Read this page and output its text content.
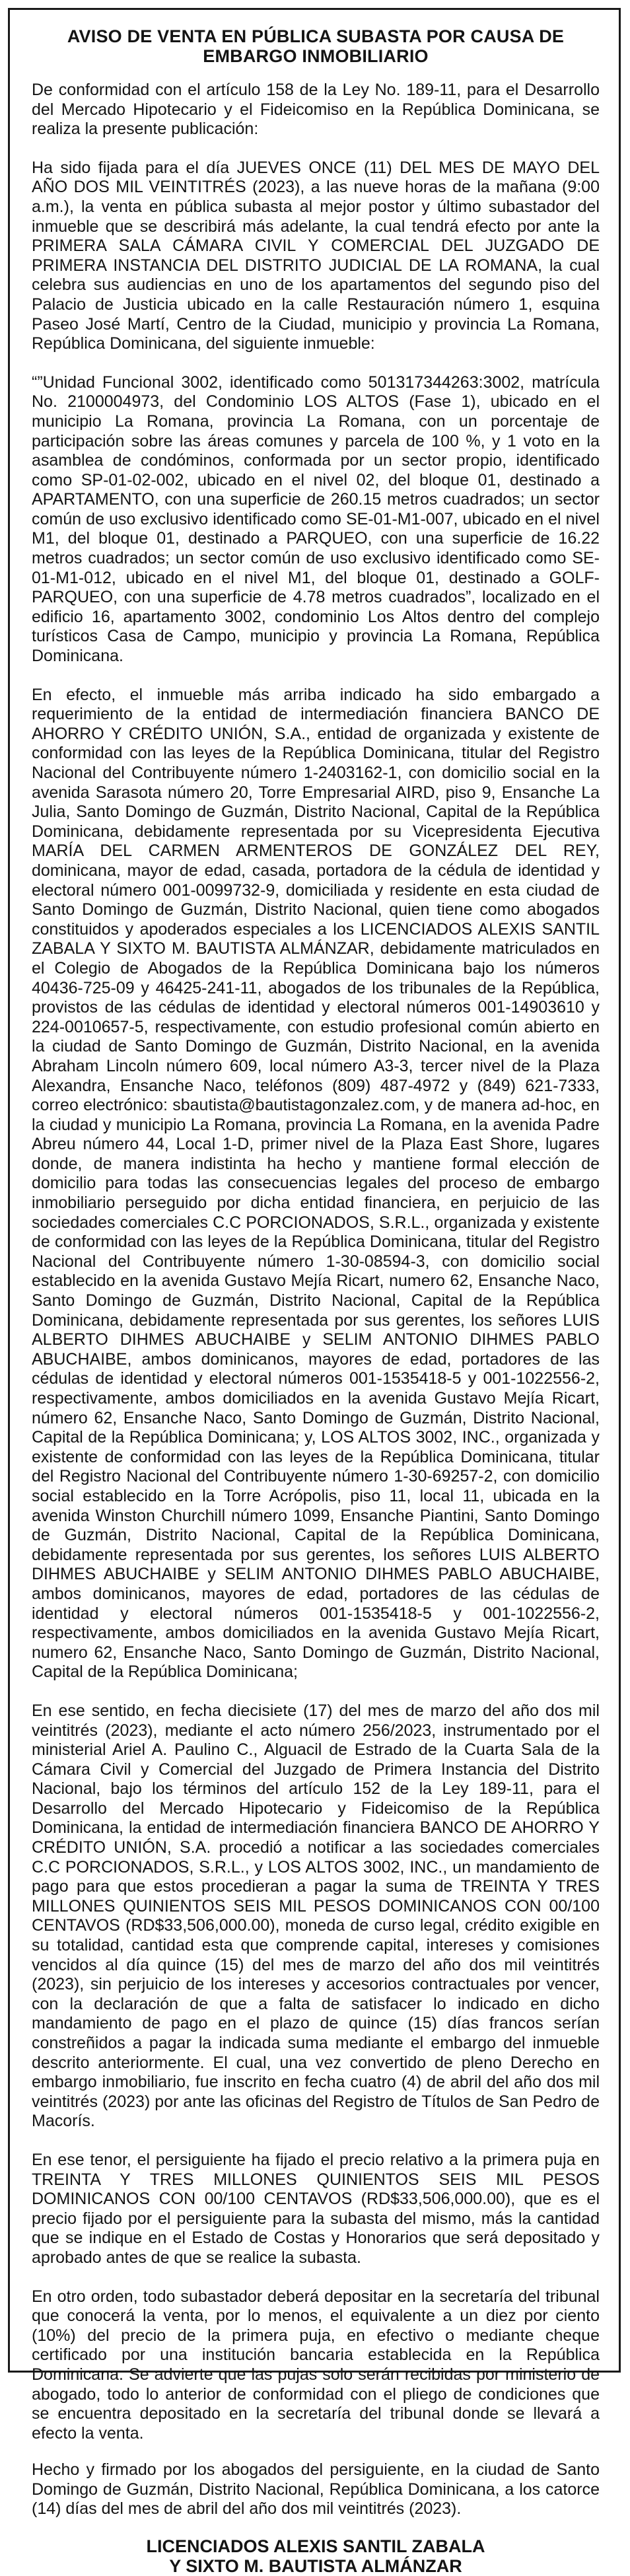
AVISO DE VENTA EN PÚBLICA SUBASTA POR CAUSA DE EMBARGO INMOBILIARIO
De conformidad con el artículo 158 de la Ley No. 189-11, para el Desarrollo del Mercado Hipotecario y el Fideicomiso en la República Dominicana, se realiza la presente publicación:
Ha sido fijada para el día JUEVES ONCE (11) DEL MES DE MAYO DEL AÑO DOS MIL VEINTITRÉS (2023), a las nueve horas de la mañana (9:00 a.m.), la venta en pública subasta al mejor postor y último subastador del inmueble que se describirá más adelante, la cual tendrá efecto por ante la PRIMERA SALA CÁMARA CIVIL Y COMERCIAL DEL JUZGADO DE PRIMERA INSTANCIA DEL DISTRITO JUDICIAL DE LA ROMANA, la cual celebra sus audiencias en uno de los apartamentos del segundo piso del Palacio de Justicia ubicado en la calle Restauración número 1, esquina Paseo José Martí, Centro de la Ciudad, municipio y provincia La Romana, República Dominicana, del siguiente inmueble:
“”Unidad Funcional 3002, identificado como 501317344263:3002, matrícula No. 2100004973, del Condominio LOS ALTOS (Fase 1), ubicado en el municipio La Romana, provincia La Romana, con un porcentaje de participación sobre las áreas comunes y parcela de 100 %, y 1 voto en la asamblea de condóminos, conformada por un sector propio, identificado como SP-01-02-002, ubicado en el nivel 02, del bloque 01, destinado a APARTAMENTO, con una superficie de 260.15 metros cuadrados; un sector común de uso exclusivo identificado como SE-01-M1-007, ubicado en el nivel M1, del bloque 01, destinado a PARQUEO, con una superficie de 16.22 metros cuadrados; un sector común de uso exclusivo identificado como SE-01-M1-012, ubicado en el nivel M1, del bloque 01, destinado a GOLF-PARQUEO, con una superficie de 4.78 metros cuadrados”, localizado en el edificio 16, apartamento 3002, condominio Los Altos dentro del complejo turísticos Casa de Campo, municipio y provincia La Romana, República Dominicana.
En efecto, el inmueble más arriba indicado ha sido embargado a requerimiento de la entidad de intermediación financiera BANCO DE AHORRO Y CRÉDITO UNIÓN, S.A., entidad de organizada y existente de conformidad con las leyes de la República Dominicana, titular del Registro Nacional del Contribuyente número 1-2403162-1, con domicilio social en la avenida Sarasota número 20, Torre Empresarial AIRD, piso 9, Ensanche La Julia, Santo Domingo de Guzmán, Distrito Nacional, Capital de la República Dominicana, debidamente representada por su Vicepresidenta Ejecutiva MARÍA DEL CARMEN ARMENTEROS DE GONZÁLEZ DEL REY, dominicana, mayor de edad, casada, portadora de la cédula de identidad y electoral número 001-0099732-9, domiciliada y residente en esta ciudad de Santo Domingo de Guzmán, Distrito Nacional, quien tiene como abogados constituidos y apoderados especiales a los LICENCIADOS ALEXIS SANTIL ZABALA Y SIXTO M. BAUTISTA ALMÁNZAR, debidamente matriculados en el Colegio de Abogados de la República Dominicana bajo los números 40436-725-09 y 46425-241-11, abogados de los tribunales de la República, provistos de las cédulas de identidad y electoral números 001-14903610 y 224-0010657-5, respectivamente, con estudio profesional común abierto en la ciudad de Santo Domingo de Guzmán, Distrito Nacional, en la avenida Abraham Lincoln número 609, local número A3-3, tercer nivel de la Plaza Alexandra, Ensanche Naco, teléfonos (809) 487-4972 y (849) 621-7333, correo electrónico: sbautista@bautistagonzalez.com, y de manera ad-hoc, en la ciudad y municipio La Romana, provincia La Romana, en la avenida Padre Abreu número 44, Local 1-D, primer nivel de la Plaza East Shore, lugares donde, de manera indistinta ha hecho y mantiene formal elección de domicilio para todas las consecuencias legales del proceso de embargo inmobiliario perseguido por dicha entidad financiera, en perjuicio de las sociedades comerciales C.C PORCIONADOS, S.R.L., organizada y existente de conformidad con las leyes de la República Dominicana, titular del Registro Nacional del Contribuyente número 1-30-08594-3, con domicilio social establecido en la avenida Gustavo Mejía Ricart, numero 62, Ensanche Naco, Santo Domingo de Guzmán, Distrito Nacional, Capital de la República Dominicana, debidamente representada por sus gerentes, los señores LUIS ALBERTO DIHMES ABUCHAIBE y SELIM ANTONIO DIHMES PABLO ABUCHAIBE, ambos dominicanos, mayores de edad, portadores de las cédulas de identidad y electoral números 001-1535418-5 y 001-1022556-2, respectivamente, ambos domiciliados en la avenida Gustavo Mejía Ricart, número 62, Ensanche Naco, Santo Domingo de Guzmán, Distrito Nacional, Capital de la República Dominicana; y, LOS ALTOS 3002, INC., organizada y existente de conformidad con las leyes de la República Dominicana, titular del Registro Nacional del Contribuyente número 1-30-69257-2, con domicilio social establecido en la Torre Acrópolis, piso 11, local 11, ubicada en la avenida Winston Churchill número 1099, Ensanche Piantini, Santo Domingo de Guzmán, Distrito Nacional, Capital de la República Dominicana, debidamente representada por sus gerentes, los señores LUIS ALBERTO DIHMES ABUCHAIBE y SELIM ANTONIO DIHMES PABLO ABUCHAIBE, ambos dominicanos, mayores de edad, portadores de las cédulas de identidad y electoral números 001-1535418-5 y 001-1022556-2, respectivamente, ambos domiciliados en la avenida Gustavo Mejía Ricart, numero 62, Ensanche Naco, Santo Domingo de Guzmán, Distrito Nacional, Capital de la República Dominicana;
En ese sentido, en fecha diecisiete (17) del mes de marzo del año dos mil veintitrés (2023), mediante el acto número 256/2023, instrumentado por el ministerial Ariel A. Paulino C., Alguacil de Estrado de la Cuarta Sala de la Cámara Civil y Comercial del Juzgado de Primera Instancia del Distrito Nacional, bajo los términos del artículo 152 de la Ley 189-11, para el Desarrollo del Mercado Hipotecario y Fideicomiso de la República Dominicana, la entidad de intermediación financiera BANCO DE AHORRO Y CRÉDITO UNIÓN, S.A. procedió a notificar a las sociedades comerciales C.C PORCIONADOS, S.R.L., y LOS ALTOS 3002, INC., un mandamiento de pago para que estos procedieran a pagar la suma de TREINTA Y TRES MILLONES QUINIENTOS SEIS MIL PESOS DOMINICANOS CON 00/100 CENTAVOS (RD$33,506,000.00), moneda de curso legal, crédito exigible en su totalidad, cantidad esta que comprende capital, intereses y comisiones vencidos al día quince (15) del mes de marzo del año dos mil veintitrés (2023), sin perjuicio de los intereses y accesorios contractuales por vencer, con la declaración de que a falta de satisfacer lo indicado en dicho mandamiento de pago en el plazo de quince (15) días francos serían constreñidos a pagar la indicada suma mediante el embargo del inmueble descrito anteriormente. El cual, una vez convertido de pleno Derecho en embargo inmobiliario, fue inscrito en fecha cuatro (4) de abril del año dos mil veintitrés (2023) por ante las oficinas del Registro de Títulos de San Pedro de Macorís.
En ese tenor, el persiguiente ha fijado el precio relativo a la primera puja en TREINTA Y TRES MILLONES QUINIENTOS SEIS MIL PESOS DOMINICANOS CON 00/100 CENTAVOS (RD$33,506,000.00), que es el precio fijado por el persiguiente para la subasta del mismo, más la cantidad que se indique en el Estado de Costas y Honorarios que será depositado y aprobado antes de que se realice la subasta.
En otro orden, todo subastador deberá depositar en la secretaría del tribunal que conocerá la venta, por lo menos, el equivalente a un diez por ciento (10%) del precio de la primera puja, en efectivo o mediante cheque certificado por una institución bancaria establecida en la República Dominicana. Se advierte que las pujas solo serán recibidas por ministerio de abogado, todo lo anterior de conformidad con el pliego de condiciones que se encuentra depositado en la secretaría del tribunal donde se llevará a efecto la venta.
Hecho y firmado por los abogados del persiguiente, en la ciudad de Santo Domingo de Guzmán, Distrito Nacional, República Dominicana, a los catorce (14) días del mes de abril del año dos mil veintitrés (2023).
LICENCIADOS ALEXIS SANTIL ZABALA
Y SIXTO M. BAUTISTA ALMÁNZAR
